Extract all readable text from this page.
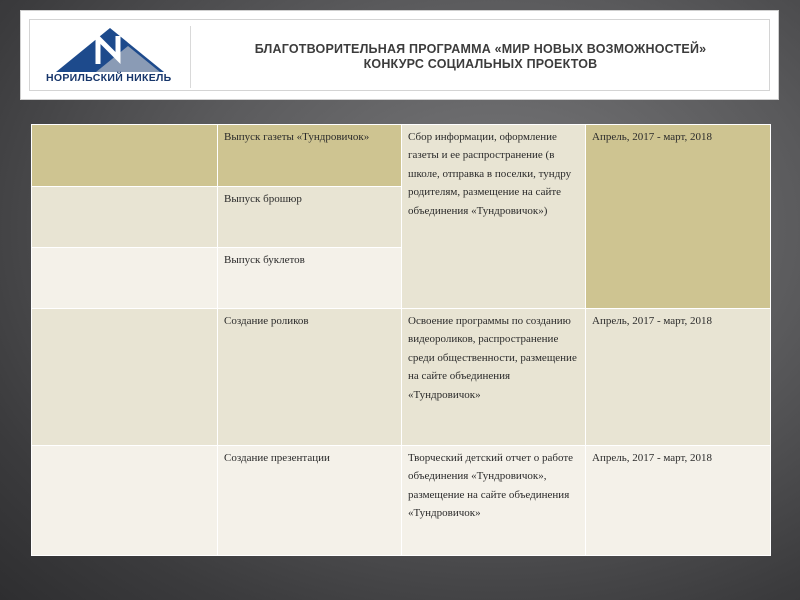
НОРИЛЬСКИЙ НИКЕЛЬ
БЛАГОТВОРИТЕЛЬНАЯ ПРОГРАММА «МИР НОВЫХ ВОЗМОЖНОСТЕЙ»
КОНКУРС СОЦИАЛЬНЫХ ПРОЕКТОВ
	Выпуск газеты «Тундровичок»	Сбор информации, оформление газеты и ее распространение (в школе, отправка в поселки, тундру родителям, размещение на сайте объединения «Тундровичок»)	Апрель, 2017 - март, 2018
	Выпуск брошюр		
	Выпуск буклетов		
	Создание роликов	Освоение программы по созданию видеороликов, распространение среди общественности, размещение на сайте объединения «Тундровичок»	Апрель, 2017 - март, 2018
	Создание презентации	Творческий детский отчет о работе объединения «Тундровичок», размещение на сайте объединения «Тундровичок»	Апрель, 2017 - март, 2018
